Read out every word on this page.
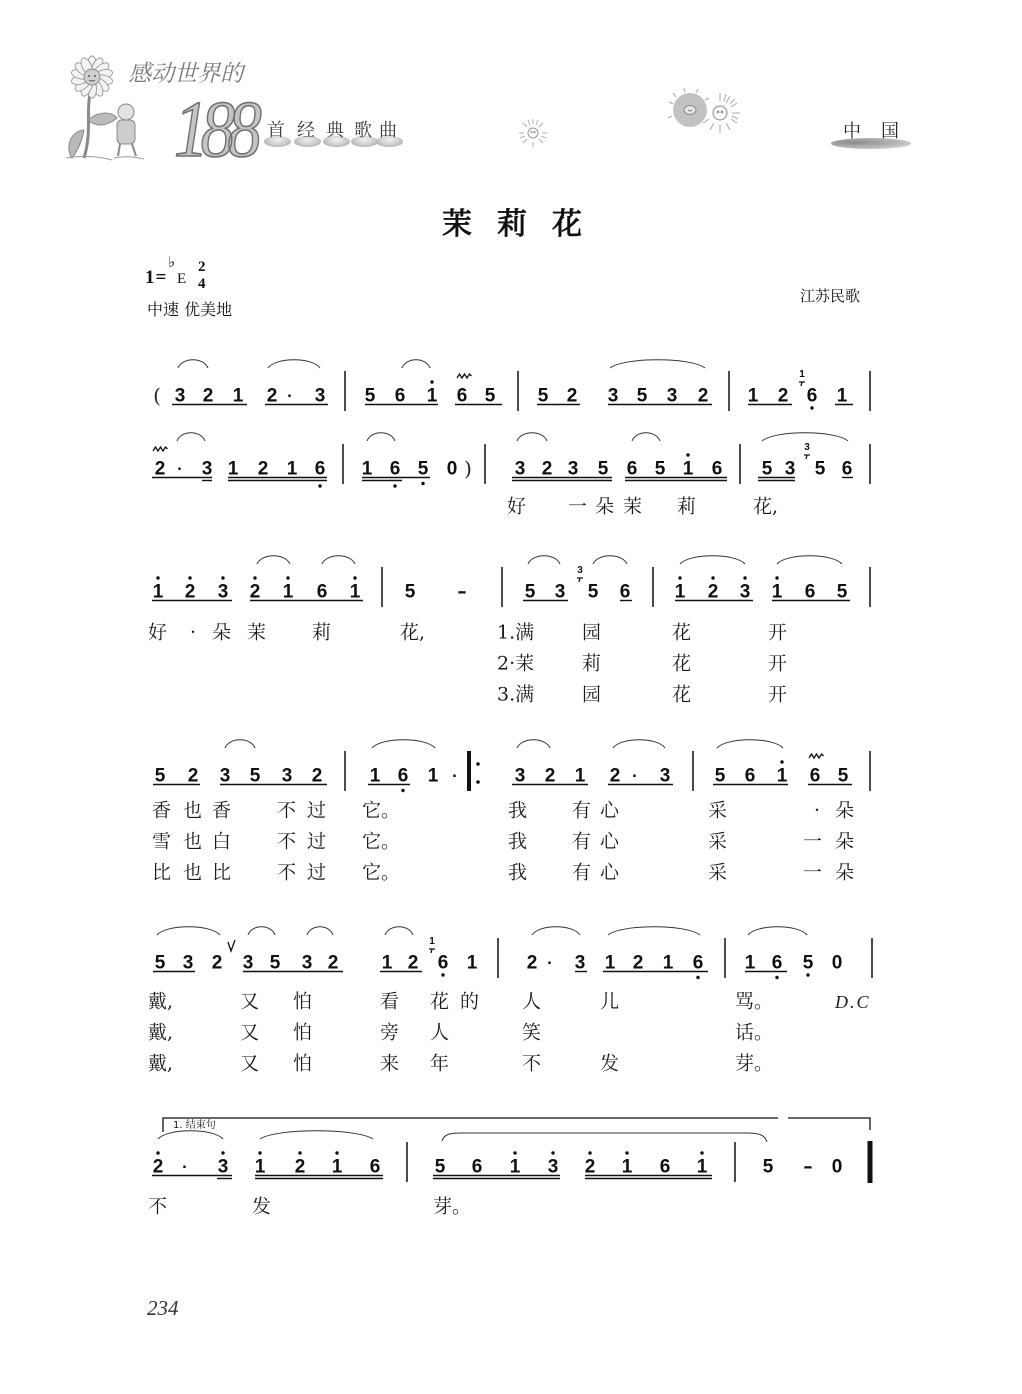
感动世界的
188 首 经 典 歌 曲	中 国
茉莉花
1=
♭
E
2
4
中速 优美地
江苏民歌
1
( 3 2 1 2 · 3 5 6 1 6 5 5 2 3 5 3 2 1 2 6 1
3
)
2 · 3 1 2 1 6 1 6 5 0	3 2 3 5 6 5 1 6 5 3 5 6
好 一 朵 茉 莉	花,
3
1 2 3 2 1 6 1 5 -	5 3 5 6 1 2 3 1 6 5
好 · 朵 茉 莉	花,	1.满	园	花	开
2·茉	莉	花	开
3.满	园	花	开
5 2 3 5 3 2 1 6 1 ·	3 2 1 2 · 3 5 6 1 6 5
香 也 香 不 过 它。	我 有 心	采	· 朵
雪 也 白 不 过 它。	我 有 心	采	一 朵
比 也 比 不 过 它。	我 有 心	采	一 朵
1
5 3 2 3 5 3 2 1 2 6 1	2 · 3 1 2 1 6 1 6 5 0
戴,	又 怕	看 花 的 人	儿	骂。	D.C
戴,	又 怕	旁 人	笑	话。
戴,	又 怕	来 年	不	发	芽。
2 · 3 1 2 1 6	5 6 1 3 2 1 6 1	5 - 0
不	发	芽。
1. 结束句
234
